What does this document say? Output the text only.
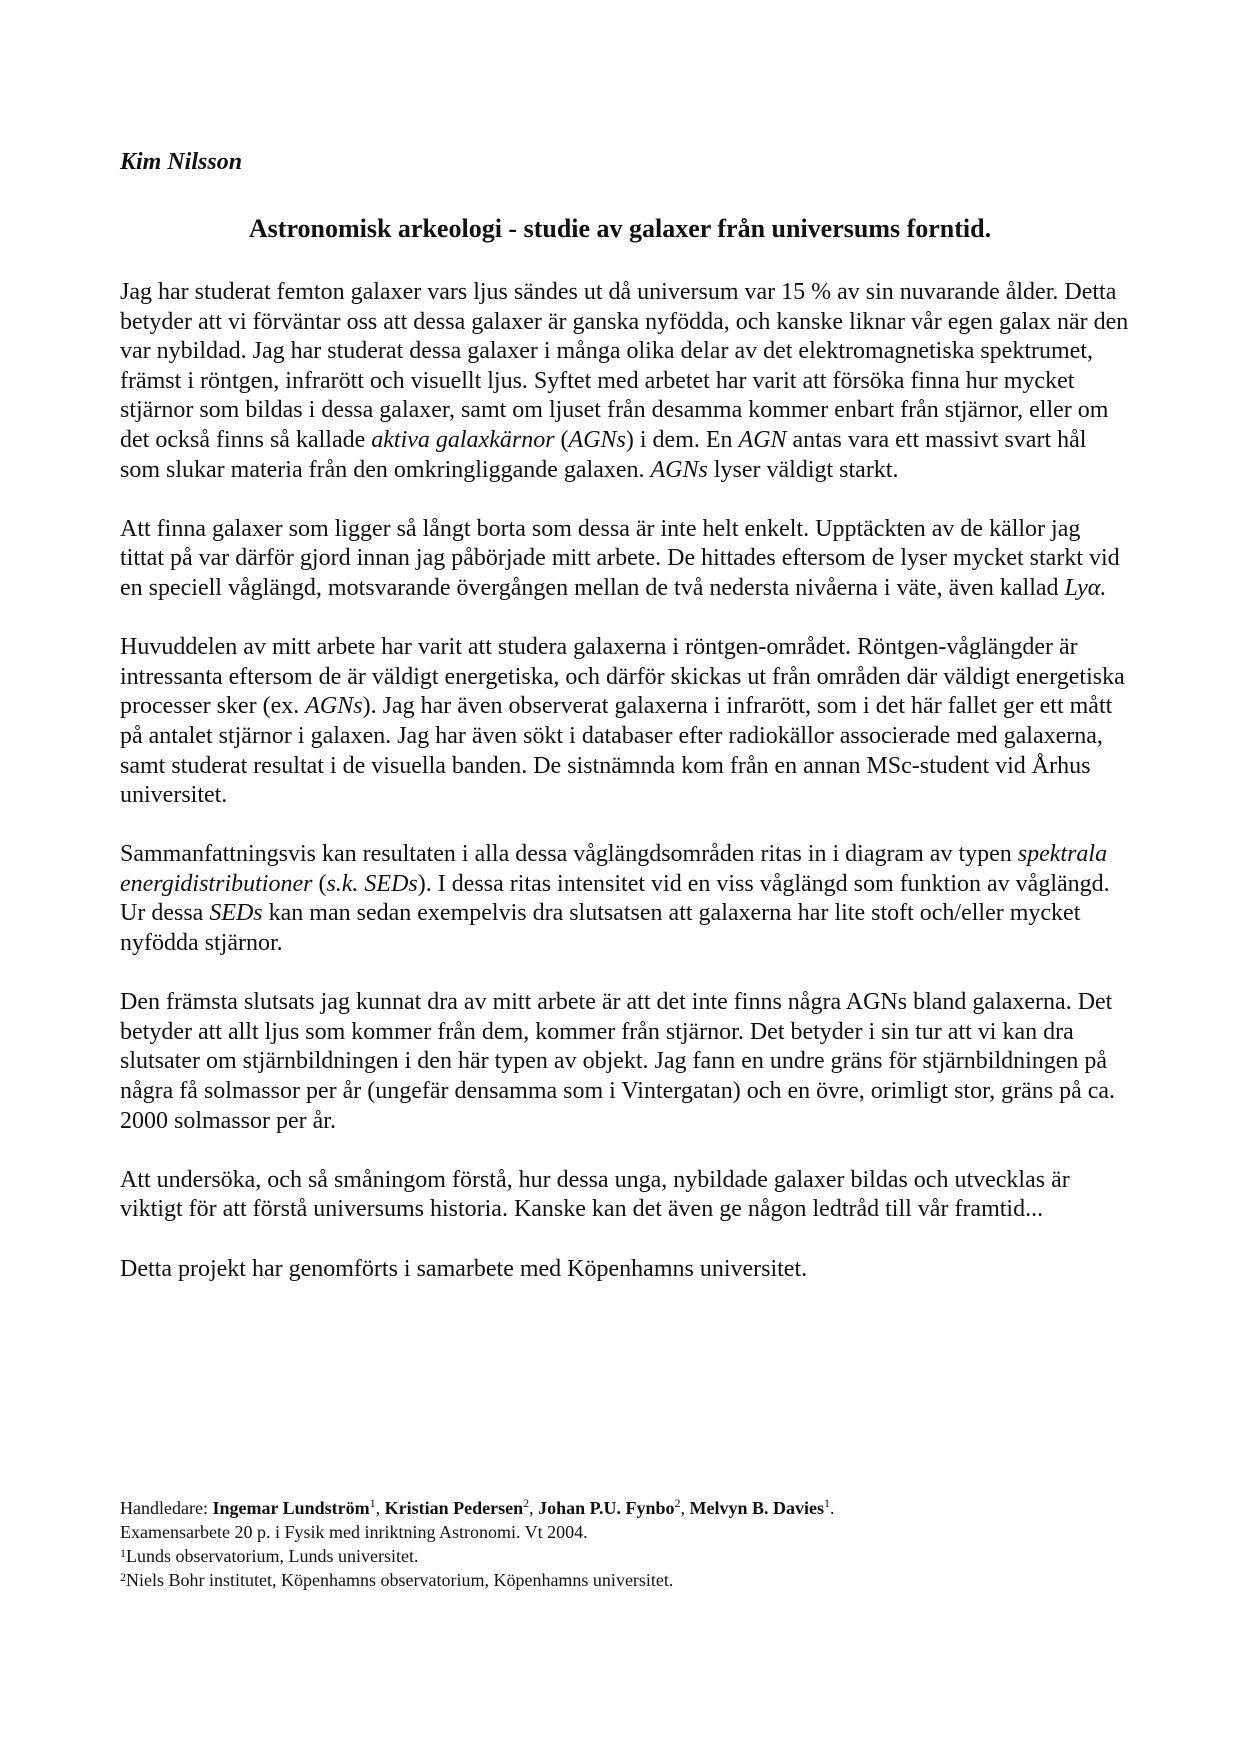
Kim Nilsson
Astronomisk arkeologi - studie av galaxer från universums forntid.

Jag har studerat femton galaxer vars ljus sändes ut då universum var 15 % av sin nuvarande ålder. Detta betyder att vi förväntar oss att dessa galaxer är ganska nyfödda, och kanske liknar vår egen galax när den var nybildad. Jag har studerat dessa galaxer i många olika delar av det elektromagnetiska spektrumet, främst i röntgen, infrarött och visuellt ljus. Syftet med arbetet har varit att försöka finna hur mycket stjärnor som bildas i dessa galaxer, samt om ljuset från desamma kommer enbart från stjärnor, eller om det också finns så kallade aktiva galaxkärnor (AGNs) i dem. En AGN antas vara ett massivt svart hål som slukar materia från den omkringliggande galaxen. AGNs lyser väldigt starkt.

Att finna galaxer som ligger så långt borta som dessa är inte helt enkelt. Upptäckten av de källor jag tittat på var därför gjord innan jag påbörjade mitt arbete. De hittades eftersom de lyser mycket starkt vid en speciell våglängd, motsvarande övergången mellan de två nedersta nivåerna i väte, även kallad Lyα.

Huvuddelen av mitt arbete har varit att studera galaxerna i röntgen-området. Röntgen-våglängder är intressanta eftersom de är väldigt energetiska, och därför skickas ut från områden där väldigt energetiska processer sker (ex. AGNs). Jag har även observerat galaxerna i infrarött, som i det här fallet ger ett mått på antalet stjärnor i galaxen. Jag har även sökt i databaser efter radiokällor associerade med galaxerna, samt studerat resultat i de visuella banden. De sistnämnda kom från en annan MSc-student vid Århus universitet.

Sammanfattningsvis kan resultaten i alla dessa våglängdsområden ritas in i diagram av typen spektrala energidistributioner (s.k. SEDs). I dessa ritas intensitet vid en viss våglängd som funktion av våglängd. Ur dessa SEDs kan man sedan exempelvis dra slutsatsen att galaxerna har lite stoft och/eller mycket nyfödda stjärnor.

Den främsta slutsats jag kunnat dra av mitt arbete är att det inte finns några AGNs bland galaxerna. Det betyder att allt ljus som kommer från dem, kommer från stjärnor. Det betyder i sin tur att vi kan dra slutsater om stjärnbildningen i den här typen av objekt. Jag fann en undre gräns för stjärnbildningen på några få solmassor per år (ungefär densamma som i Vintergatan) och en övre, orimligt stor, gräns på ca. 2000 solmassor per år.

Att undersöka, och så småningom förstå, hur dessa unga, nybildade galaxer bildas och utvecklas är viktigt för att förstå universums historia. Kanske kan det även ge någon ledtråd till vår framtid...

Detta projekt har genomförts i samarbete med Köpenhamns universitet.

Handledare: Ingemar Lundström$^1$, Kristian Pedersen$^2$, Johan P.U. Fynbo$^2$, Melvyn B. Davies$^1$.
Examensarbete 20 p. i Fysik med inriktning Astronomi. Vt 2004.
$^1$Lunds observatorium, Lunds universitet.
$^2$Niels Bohr institutet, Köpenhamns observatorium, Köpenhamns universitet.
